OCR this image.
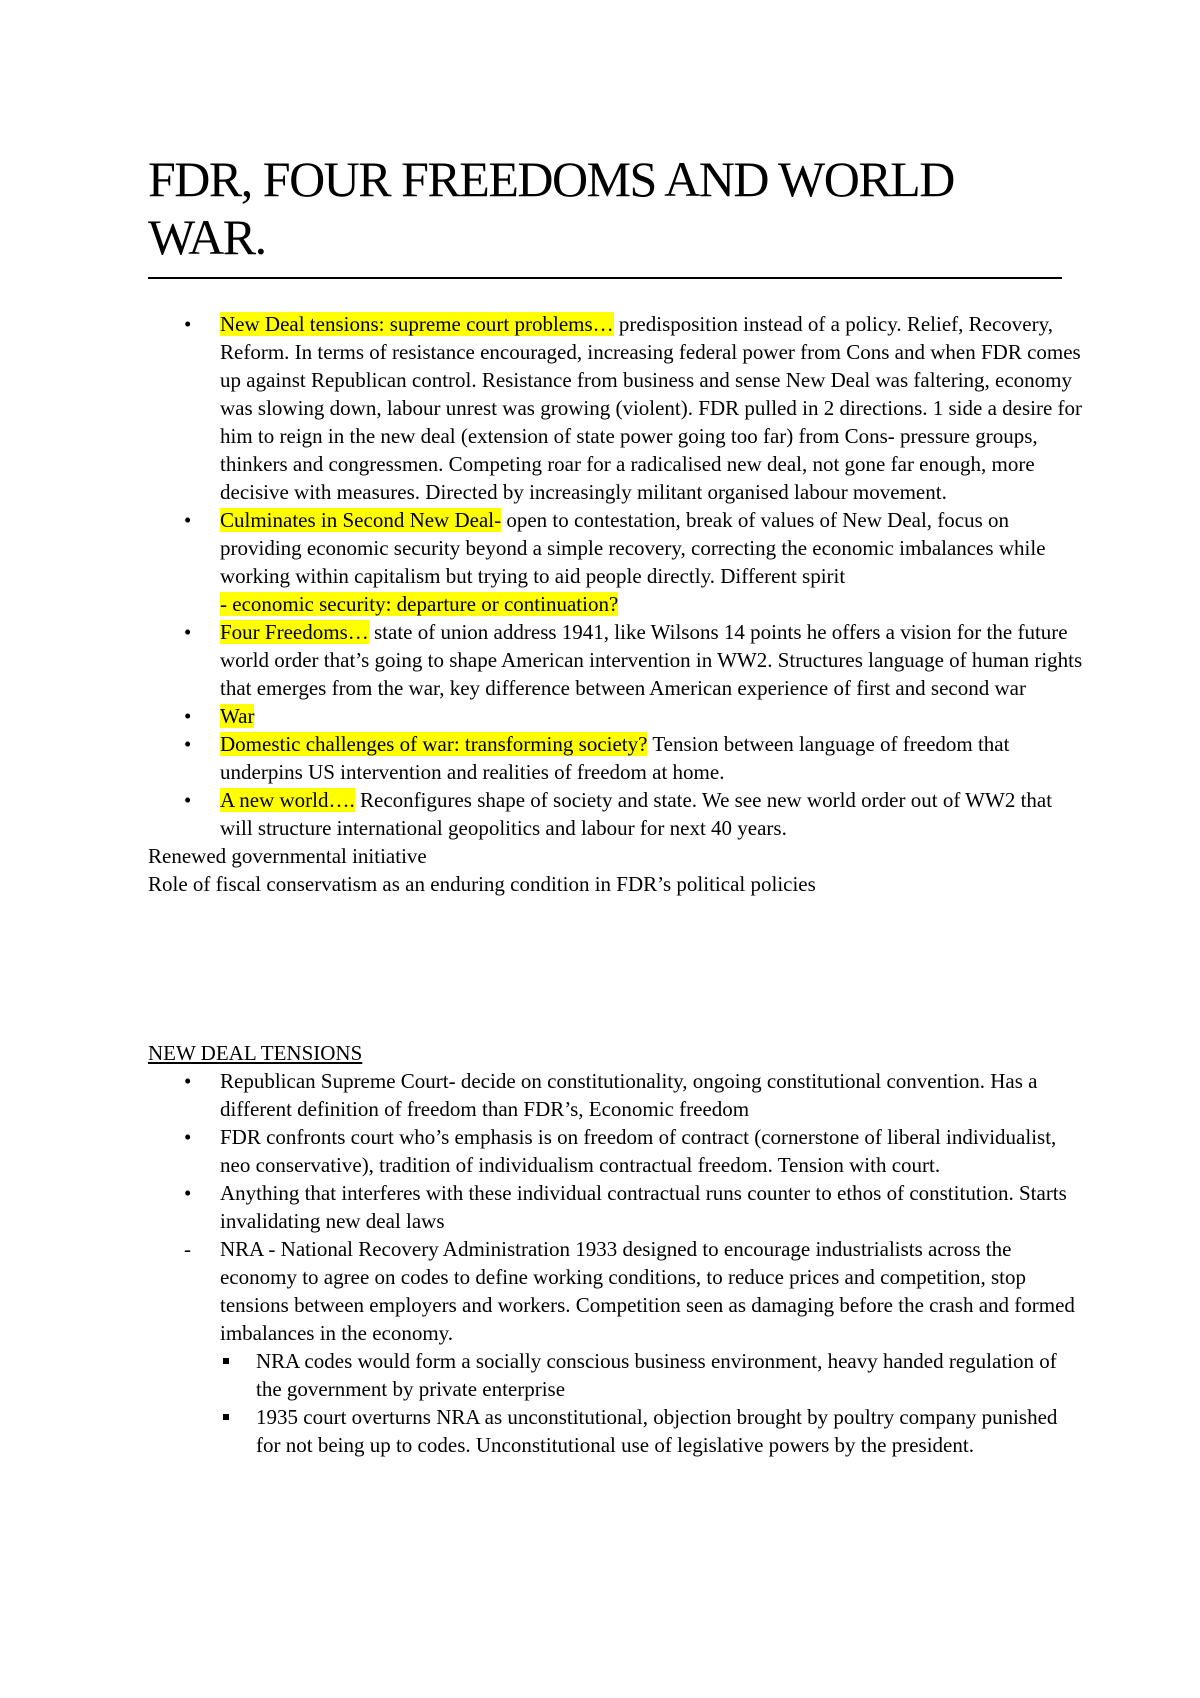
FDR, FOUR FREEDOMS AND WORLD WAR.
•	New Deal tensions: supreme court problems… predisposition instead of a policy. Relief, Recovery, Reform. In terms of resistance encouraged, increasing federal power from Cons and when FDR comes up against Republican control. Resistance from business and sense New Deal was faltering, economy was slowing down, labour unrest was growing (violent). FDR pulled in 2 directions. 1 side a desire for him to reign in the new deal (extension of state power going too far) from Cons- pressure groups, thinkers and congressmen. Competing roar for a radicalised new deal, not gone far enough, more decisive with measures. Directed by increasingly militant organised labour movement.
•	Culminates in Second New Deal- open to contestation, break of values of New Deal, focus on providing economic security beyond a simple recovery, correcting the economic imbalances while working within capitalism but trying to aid people directly. Different spirit
- economic security: departure or continuation?
•	Four Freedoms… state of union address 1941, like Wilsons 14 points he offers a vision for the future world order that’s going to shape American intervention in WW2. Structures language of human rights that emerges from the war, key difference between American experience of first and second war
•	War
•	Domestic challenges of war: transforming society? Tension between language of freedom that underpins US intervention and realities of freedom at home.
•	A new world…. Reconfigures shape of society and state. We see new world order out of WW2 that will structure international geopolitics and labour for next 40 years.

Renewed governmental initiative

Role of fiscal conservatism as an enduring condition in FDR’s political policies

NEW DEAL TENSIONS

•	Republican Supreme Court- decide on constitutionality, ongoing constitutional convention. Has a different definition of freedom than FDR’s, Economic freedom
•	FDR confronts court who’s emphasis is on freedom of contract (cornerstone of liberal individualist, neo conservative), tradition of individualism contractual freedom. Tension with court.
•	Anything that interferes with these individual contractual runs counter to ethos of constitution. Starts invalidating new deal laws
-	NRA - National Recovery Administration 1933 designed to encourage industrialists across the economy to agree on codes to define working conditions, to reduce prices and competition, stop tensions between employers and workers. Competition seen as damaging before the crash and formed imbalances in the economy.
NRA codes would form a socially conscious business environment, heavy handed regulation of the government by private enterprise
1935 court overturns NRA as unconstitutional, objection brought by poultry company punished for not being up to codes. Unconstitutional use of legislative powers by the president.
